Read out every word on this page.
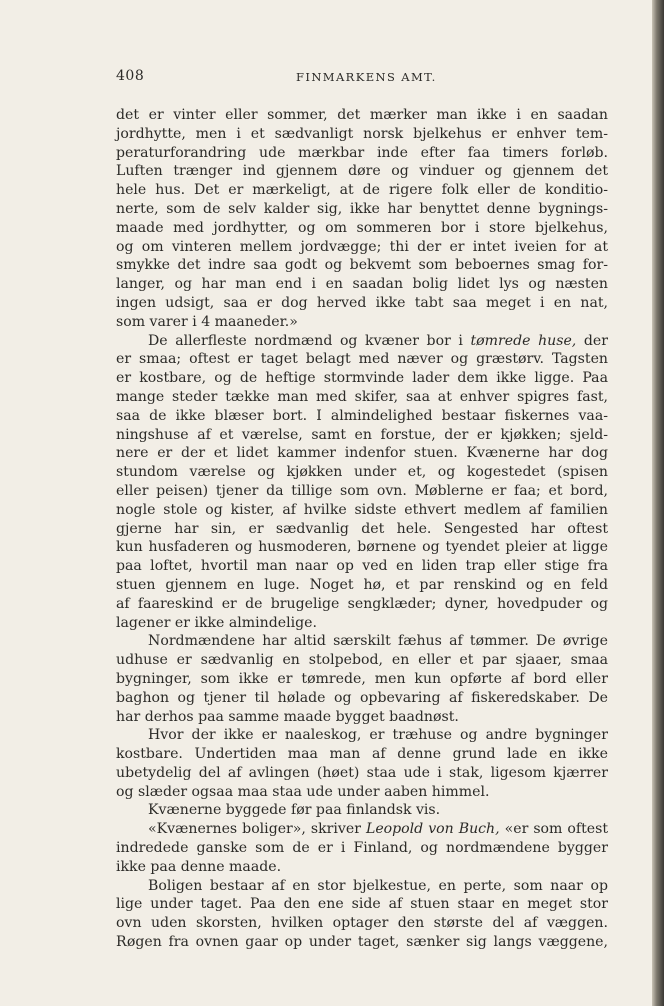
408	FINMARKENS AMT.

det er vinter eller sommer, det mærker man ikke i en saadan
jordhytte, men i et sædvanligt norsk bjelkehus er enhver tem-
peraturforandring ude mærkbar inde efter faa timers forløb.
Luften trænger ind gjennem døre og vinduer og gjennem det
hele hus. Det er mærkeligt, at de rigere folk eller de konditio-
nerte, som de selv kalder sig, ikke har benyttet denne bygnings-
maade med jordhytter, og om sommeren bor i store bjelkehus,
og om vinteren mellem jordvægge; thi der er intet iveien for at
smykke det indre saa godt og bekvemt som beboernes smag for-
langer, og har man end i en saadan bolig lidet lys og næsten
ingen udsigt, saa er dog herved ikke tabt saa meget i en nat,
som varer i 4 maaneder.»

De allerfleste nordmænd og kvæner bor i tømrede huse, der
er smaa; oftest er taget belagt med næver og græstørv. Tagsten
er kostbare, og de heftige stormvinde lader dem ikke ligge. Paa
mange steder tække man med skifer, saa at enhver spigres fast,
saa de ikke blæser bort. I almindelighed bestaar fiskernes vaa-
ningshuse af et værelse, samt en forstue, der er kjøkken; sjeld-
nere er der et lidet kammer indenfor stuen. Kvænerne har dog
stundom værelse og kjøkken under et, og kogestedet (spisen
eller peisen) tjener da tillige som ovn. Møblerne er faa; et bord,
nogle stole og kister, af hvilke sidste ethvert medlem af familien
gjerne har sin, er sædvanlig det hele. Sengested har oftest
kun husfaderen og husmoderen, børnene og tyendet pleier at ligge
paa loftet, hvortil man naar op ved en liden trap eller stige fra
stuen gjennem en luge. Noget hø, et par renskind og en feld
af faareskind er de brugelige sengklæder; dyner, hovedpuder og
lagener er ikke almindelige.

Nordmændene har altid særskilt fæhus af tømmer. De øvrige
udhuse er sædvanlig en stolpebod, en eller et par sjaaer, smaa
bygninger, som ikke er tømrede, men kun opførte af bord eller
baghon og tjener til hølade og opbevaring af fiskeredskaber. De
har derhos paa samme maade bygget baadnøst.

Hvor der ikke er naaleskog, er træhuse og andre bygninger
kostbare. Undertiden maa man af denne grund lade en ikke
ubetydelig del af avlingen (høet) staa ude i stak, ligesom kjærrer
og slæder ogsaa maa staa ude under aaben himmel.

Kvænerne byggede før paa finlandsk vis.

«Kvænernes boliger», skriver Leopold von Buch, «er som oftest
indrededе ganske som de er i Finland, og nordmændene bygger
ikke paa denne maade.

Boligen bestaar af en stor bjelkestue, en perte, som naar op
lige under taget. Paa den ene side af stuen staar en meget stor
ovn uden skorsten, hvilken optager den største del af væggen.
Røgen fra ovnen gaar op under taget, sænker sig langs væggene,
